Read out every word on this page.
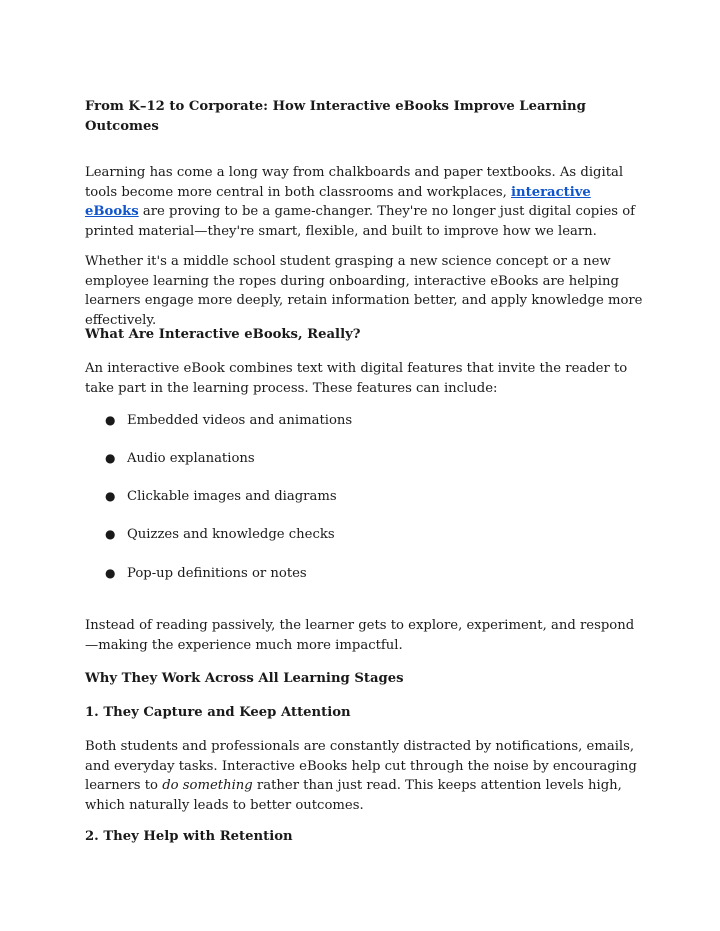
From K–12 to Corporate: How Interactive eBooks Improve Learning Outcomes

Learning has come a long way from chalkboards and paper textbooks. As digital tools become more central in both classrooms and workplaces, interactive eBooks are proving to be a game-changer. They're no longer just digital copies of printed material—they're smart, flexible, and built to improve how we learn.

Whether it's a middle school student grasping a new science concept or a new employee learning the ropes during onboarding, interactive eBooks are helping learners engage more deeply, retain information better, and apply knowledge more effectively.

What Are Interactive eBooks, Really?

An interactive eBook combines text with digital features that invite the reader to take part in the learning process. These features can include:

● Embedded videos and animations
● Audio explanations
● Clickable images and diagrams
● Quizzes and knowledge checks
● Pop-up definitions or notes

Instead of reading passively, the learner gets to explore, experiment, and respond—making the experience much more impactful.

Why They Work Across All Learning Stages

1. They Capture and Keep Attention

Both students and professionals are constantly distracted by notifications, emails, and everyday tasks. Interactive eBooks help cut through the noise by encouraging learners to do something rather than just read. This keeps attention levels high, which naturally leads to better outcomes.

2. They Help with Retention
